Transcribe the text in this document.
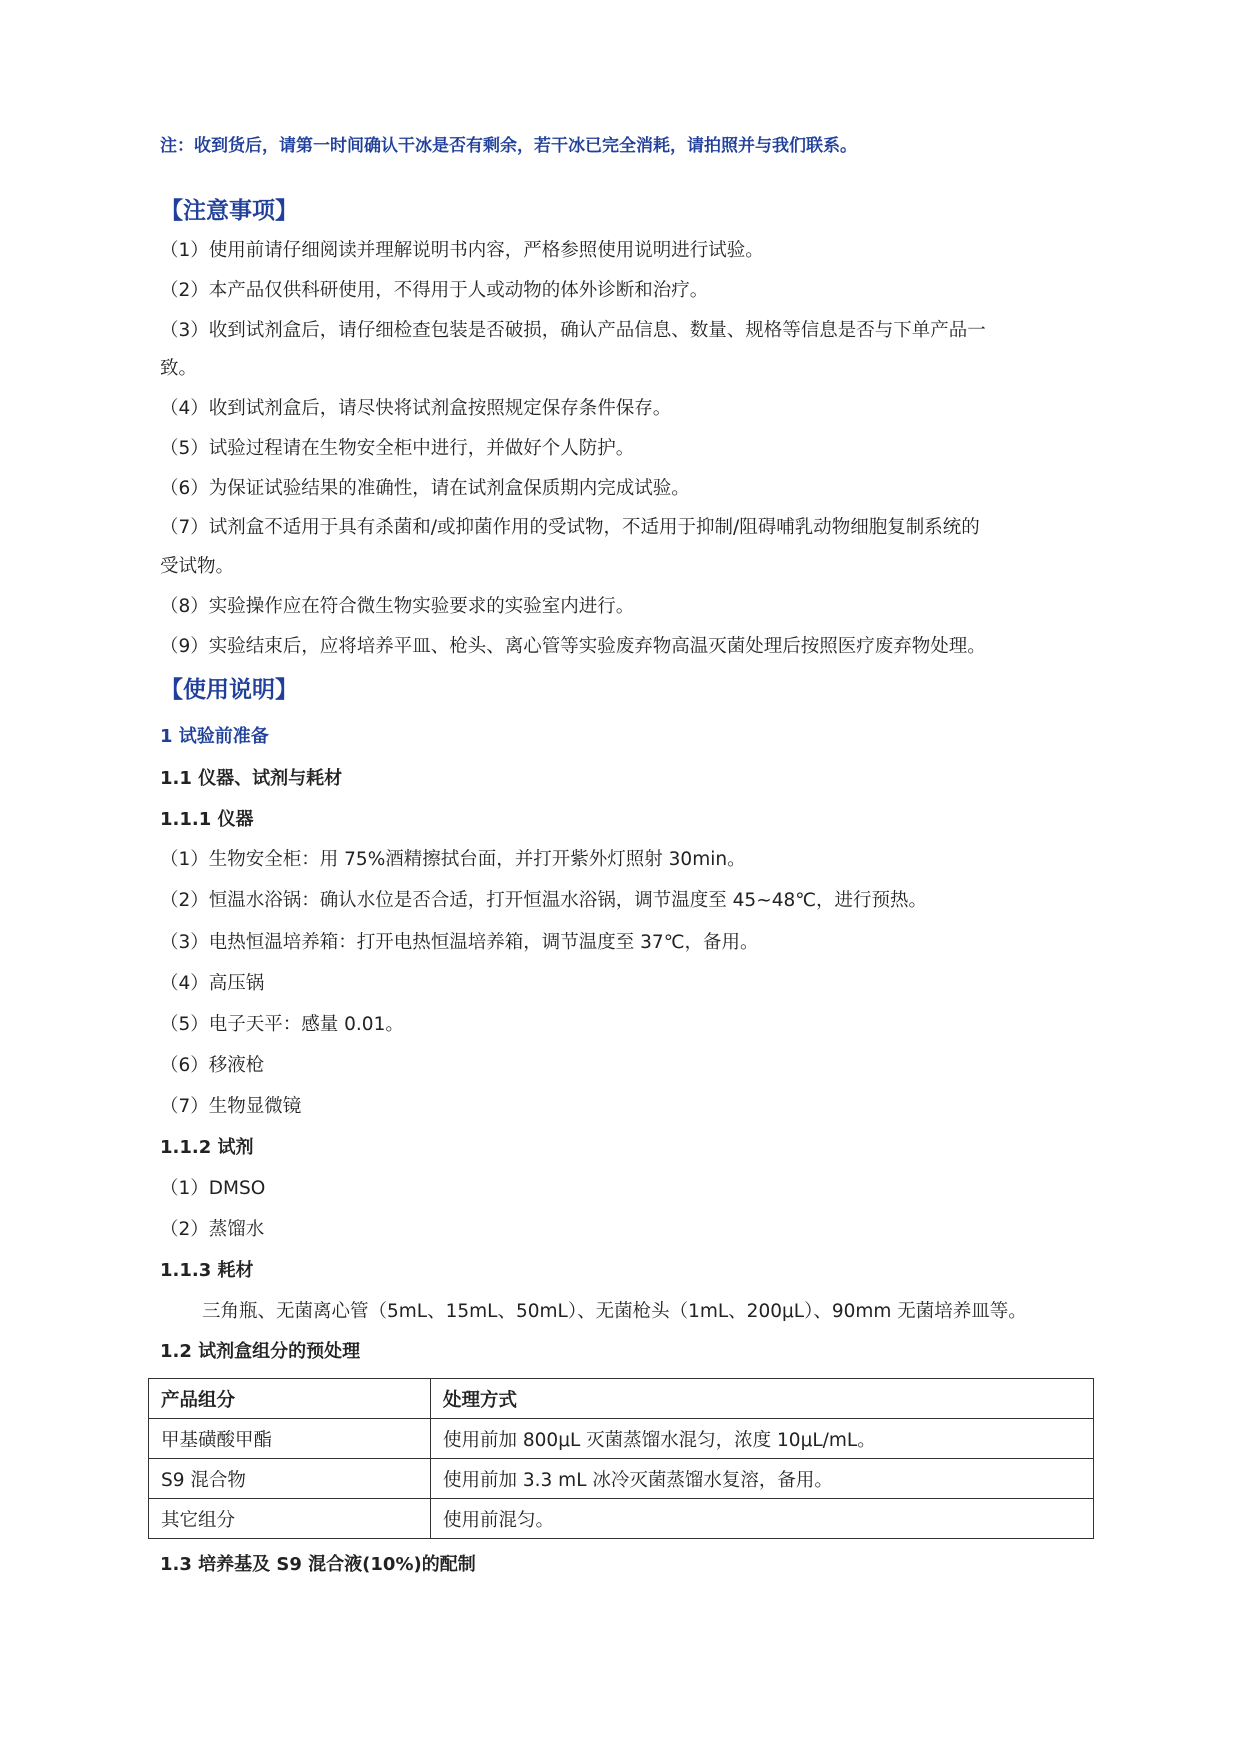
注：收到货后，请第一时间确认干冰是否有剩余，若干冰已完全消耗，请拍照并与我们联系。
【注意事项】
（1）使用前请仔细阅读并理解说明书内容，严格参照使用说明进行试验。
（2）本产品仅供科研使用，不得用于人或动物的体外诊断和治疗。
（3）收到试剂盒后，请仔细检查包装是否破损，确认产品信息、数量、规格等信息是否与下单产品一
致。
（4）收到试剂盒后，请尽快将试剂盒按照规定保存条件保存。
（5）试验过程请在生物安全柜中进行，并做好个人防护。
（6）为保证试验结果的准确性，请在试剂盒保质期内完成试验。
（7）试剂盒不适用于具有杀菌和/或抑菌作用的受试物，不适用于抑制/阻碍哺乳动物细胞复制系统的
受试物。
（8）实验操作应在符合微生物实验要求的实验室内进行。
（9）实验结束后，应将培养平皿、枪头、离心管等实验废弃物高温灭菌处理后按照医疗废弃物处理。
【使用说明】
1 试验前准备
1.1 仪器、试剂与耗材
1.1.1 仪器
（1）生物安全柜：用 75%酒精擦拭台面，并打开紫外灯照射 30min。
（2）恒温水浴锅：确认水位是否合适，打开恒温水浴锅，调节温度至 45~48℃，进行预热。
（3）电热恒温培养箱：打开电热恒温培养箱，调节温度至 37℃，备用。
（4）高压锅
（5）电子天平：感量 0.01。
（6）移液枪
（7）生物显微镜
1.1.2 试剂
（1）DMSO
（2）蒸馏水
1.1.3 耗材
三角瓶、无菌离心管（5mL、15mL、50mL）、无菌枪头（1mL、200μL）、90mm 无菌培养皿等。
1.2 试剂盒组分的预处理
产品组分	处理方式
甲基磺酸甲酯	使用前加 800μL 灭菌蒸馏水混匀，浓度 10μL/mL。
S9 混合物	使用前加 3.3 mL 冰冷灭菌蒸馏水复溶，备用。
其它组分	使用前混匀。
1.3 培养基及 S9 混合液(10%)的配制
